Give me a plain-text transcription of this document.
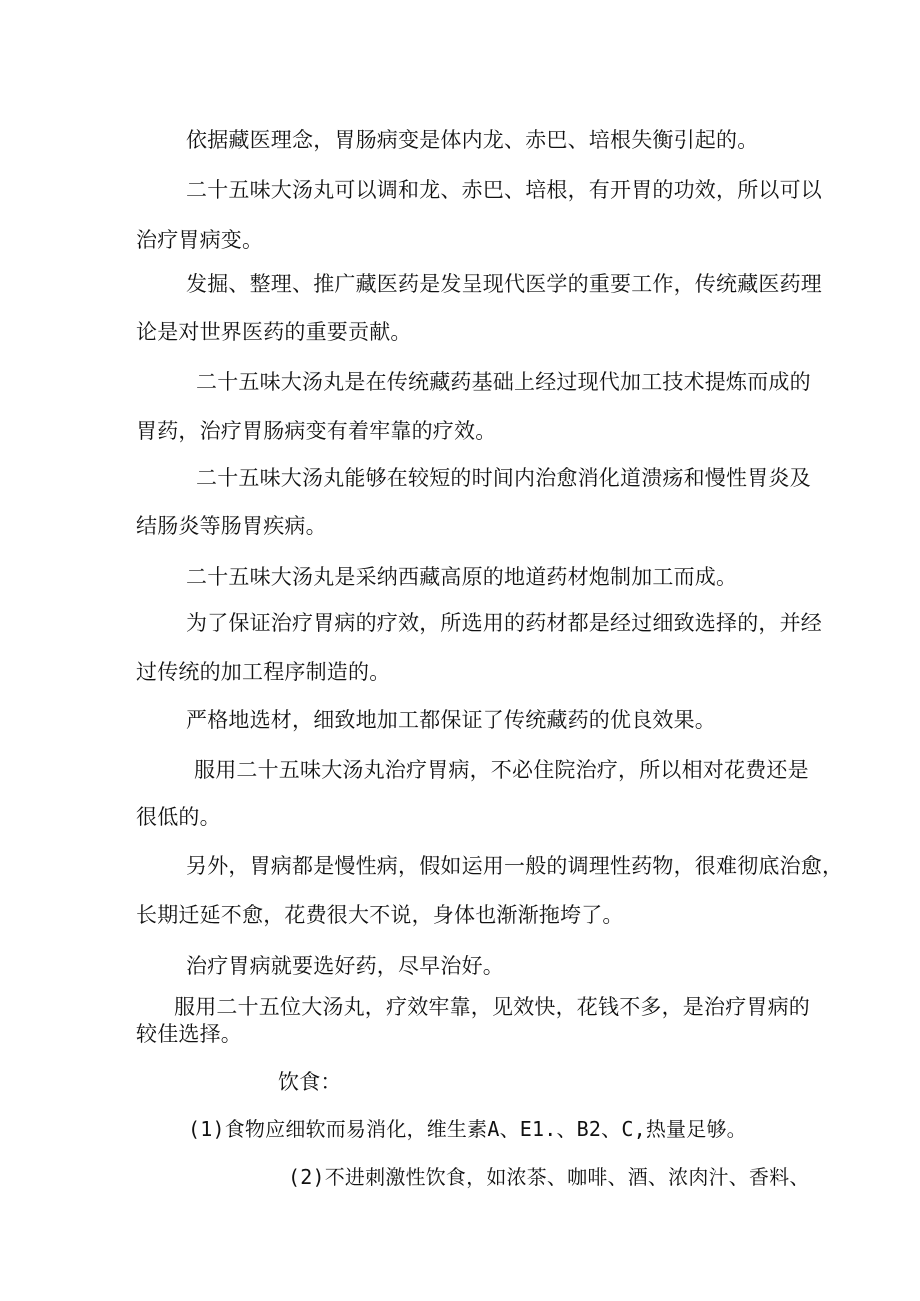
依据藏医理念，胃肠病变是体内龙、赤巴、培根失衡引起的。
二十五味大汤丸可以调和龙、赤巴、培根，有开胃的功效，所以可以
治疗胃病变。
发掘、整理、推广藏医药是发呈现代医学的重要工作，传统藏医药理
论是对世界医药的重要贡献。
二十五味大汤丸是在传统藏药基础上经过现代加工技术提炼而成的
胃药，治疗胃肠病变有着牢靠的疗效。
二十五味大汤丸能够在较短的时间内治愈消化道溃疡和慢性胃炎及
结肠炎等肠胃疾病。
二十五味大汤丸是采纳西藏高原的地道药材炮制加工而成。
为了保证治疗胃病的疗效，所选用的药材都是经过细致选择的，并经
过传统的加工程序制造的。
严格地选材，细致地加工都保证了传统藏药的优良效果。
服用二十五味大汤丸治疗胃病，不必住院治疗，所以相对花费还是
很低的。
另外，胃病都是慢性病，假如运用一般的调理性药物，很难彻底治愈，
长期迁延不愈，花费很大不说，身体也渐渐拖垮了。
治疗胃病就要选好药，尽早治好。
服用二十五位大汤丸，疗效牢靠，见效快，花钱不多，是治疗胃病的
较佳选择。
饮食：
(1)食物应细软而易消化，维生素A、E1.、B2、C,热量足够。
(2)不进刺激性饮食，如浓茶、咖啡、酒、浓肉汁、香料、
